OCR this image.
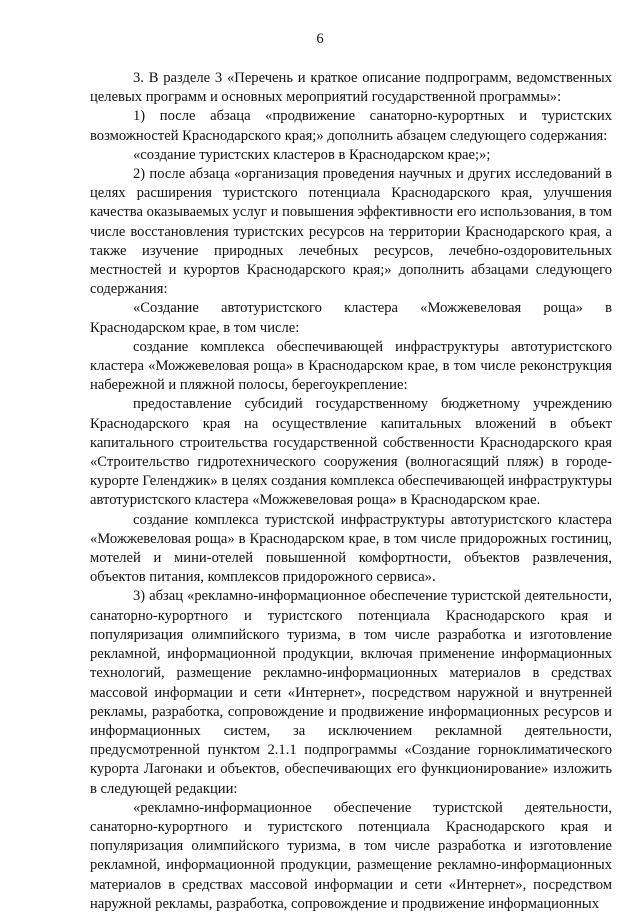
6

3. В разделе 3 «Перечень и краткое описание подпрограмм, ведомственных целевых программ и основных мероприятий государственной программы»:

1) после абзаца «продвижение санаторно-курортных и туристских возможностей Краснодарского края;» дополнить абзацем следующего содержания:

«создание туристских кластеров в Краснодарском крае;»;

2) после абзаца «организация проведения научных и других исследований в целях расширения туристского потенциала Краснодарского края, улучшения качества оказываемых услуг и повышения эффективности его использования, в том числе восстановления туристских ресурсов на территории Краснодарского края, а также изучение природных лечебных ресурсов, лечебно-оздоровительных местностей и курортов Краснодарского края;» дополнить абзацами следующего содержания:

«Создание автотуристского кластера «Можжевеловая роща» в Краснодарском крае, в том числе:

создание комплекса обеспечивающей инфраструктуры автотуристского кластера «Можжевеловая роща» в Краснодарском крае, в том числе реконструкция набережной и пляжной полосы, берегоукрепление:

предоставление субсидий государственному бюджетному учреждению Краснодарского края на осуществление капитальных вложений в объект капитального строительства государственной собственности Краснодарского края «Строительство гидротехнического сооружения (волногасящий пляж) в городе-курорте Геленджик» в целях создания комплекса обеспечивающей инфраструктуры автотуристского кластера «Можжевеловая роща» в Краснодарском крае.

создание комплекса туристской инфраструктуры автотуристского кластера «Можжевеловая роща» в Краснодарском крае, в том числе придорожных гостиниц, мотелей и мини-отелей повышенной комфортности, объектов развлечения, объектов питания, комплексов придорожного сервиса».

3) абзац «рекламно-информационное обеспечение туристской деятельности, санаторно-курортного и туристского потенциала Краснодарского края и популяризация олимпийского туризма, в том числе разработка и изготовление рекламной, информационной продукции, включая применение информационных технологий, размещение рекламно-информационных материалов в средствах массовой информации и сети «Интернет», посредством наружной и внутренней рекламы, разработка, сопровождение и продвижение информационных ресурсов и информационных систем, за исключением рекламной деятельности, предусмотренной пунктом 2.1.1 подпрограммы «Создание горноклиматического курорта Лагонаки и объектов, обеспечивающих его функционирование» изложить в следующей редакции:

«рекламно-информационное обеспечение туристской деятельности, санаторно-курортного и туристского потенциала Краснодарского края и популяризация олимпийского туризма, в том числе разработка и изготовление рекламной, информационной продукции, размещение рекламно-информационных материалов в средствах массовой информации и сети «Интернет», посредством наружной рекламы, разработка, сопровождение и продвижение информационных
